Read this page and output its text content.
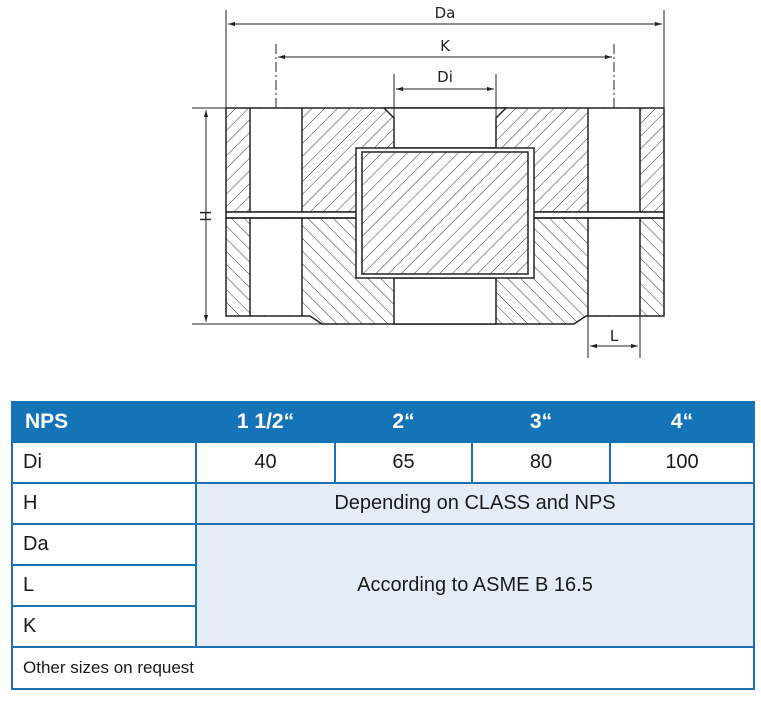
Da
K
Di
H
L
NPS	1 1/2“	2“	3“	4“
Di	40	65	80	100
H	Depending on CLASS and NPS			
Da	According to ASME B 16.5			
L				
K				
Other sizes on request				
